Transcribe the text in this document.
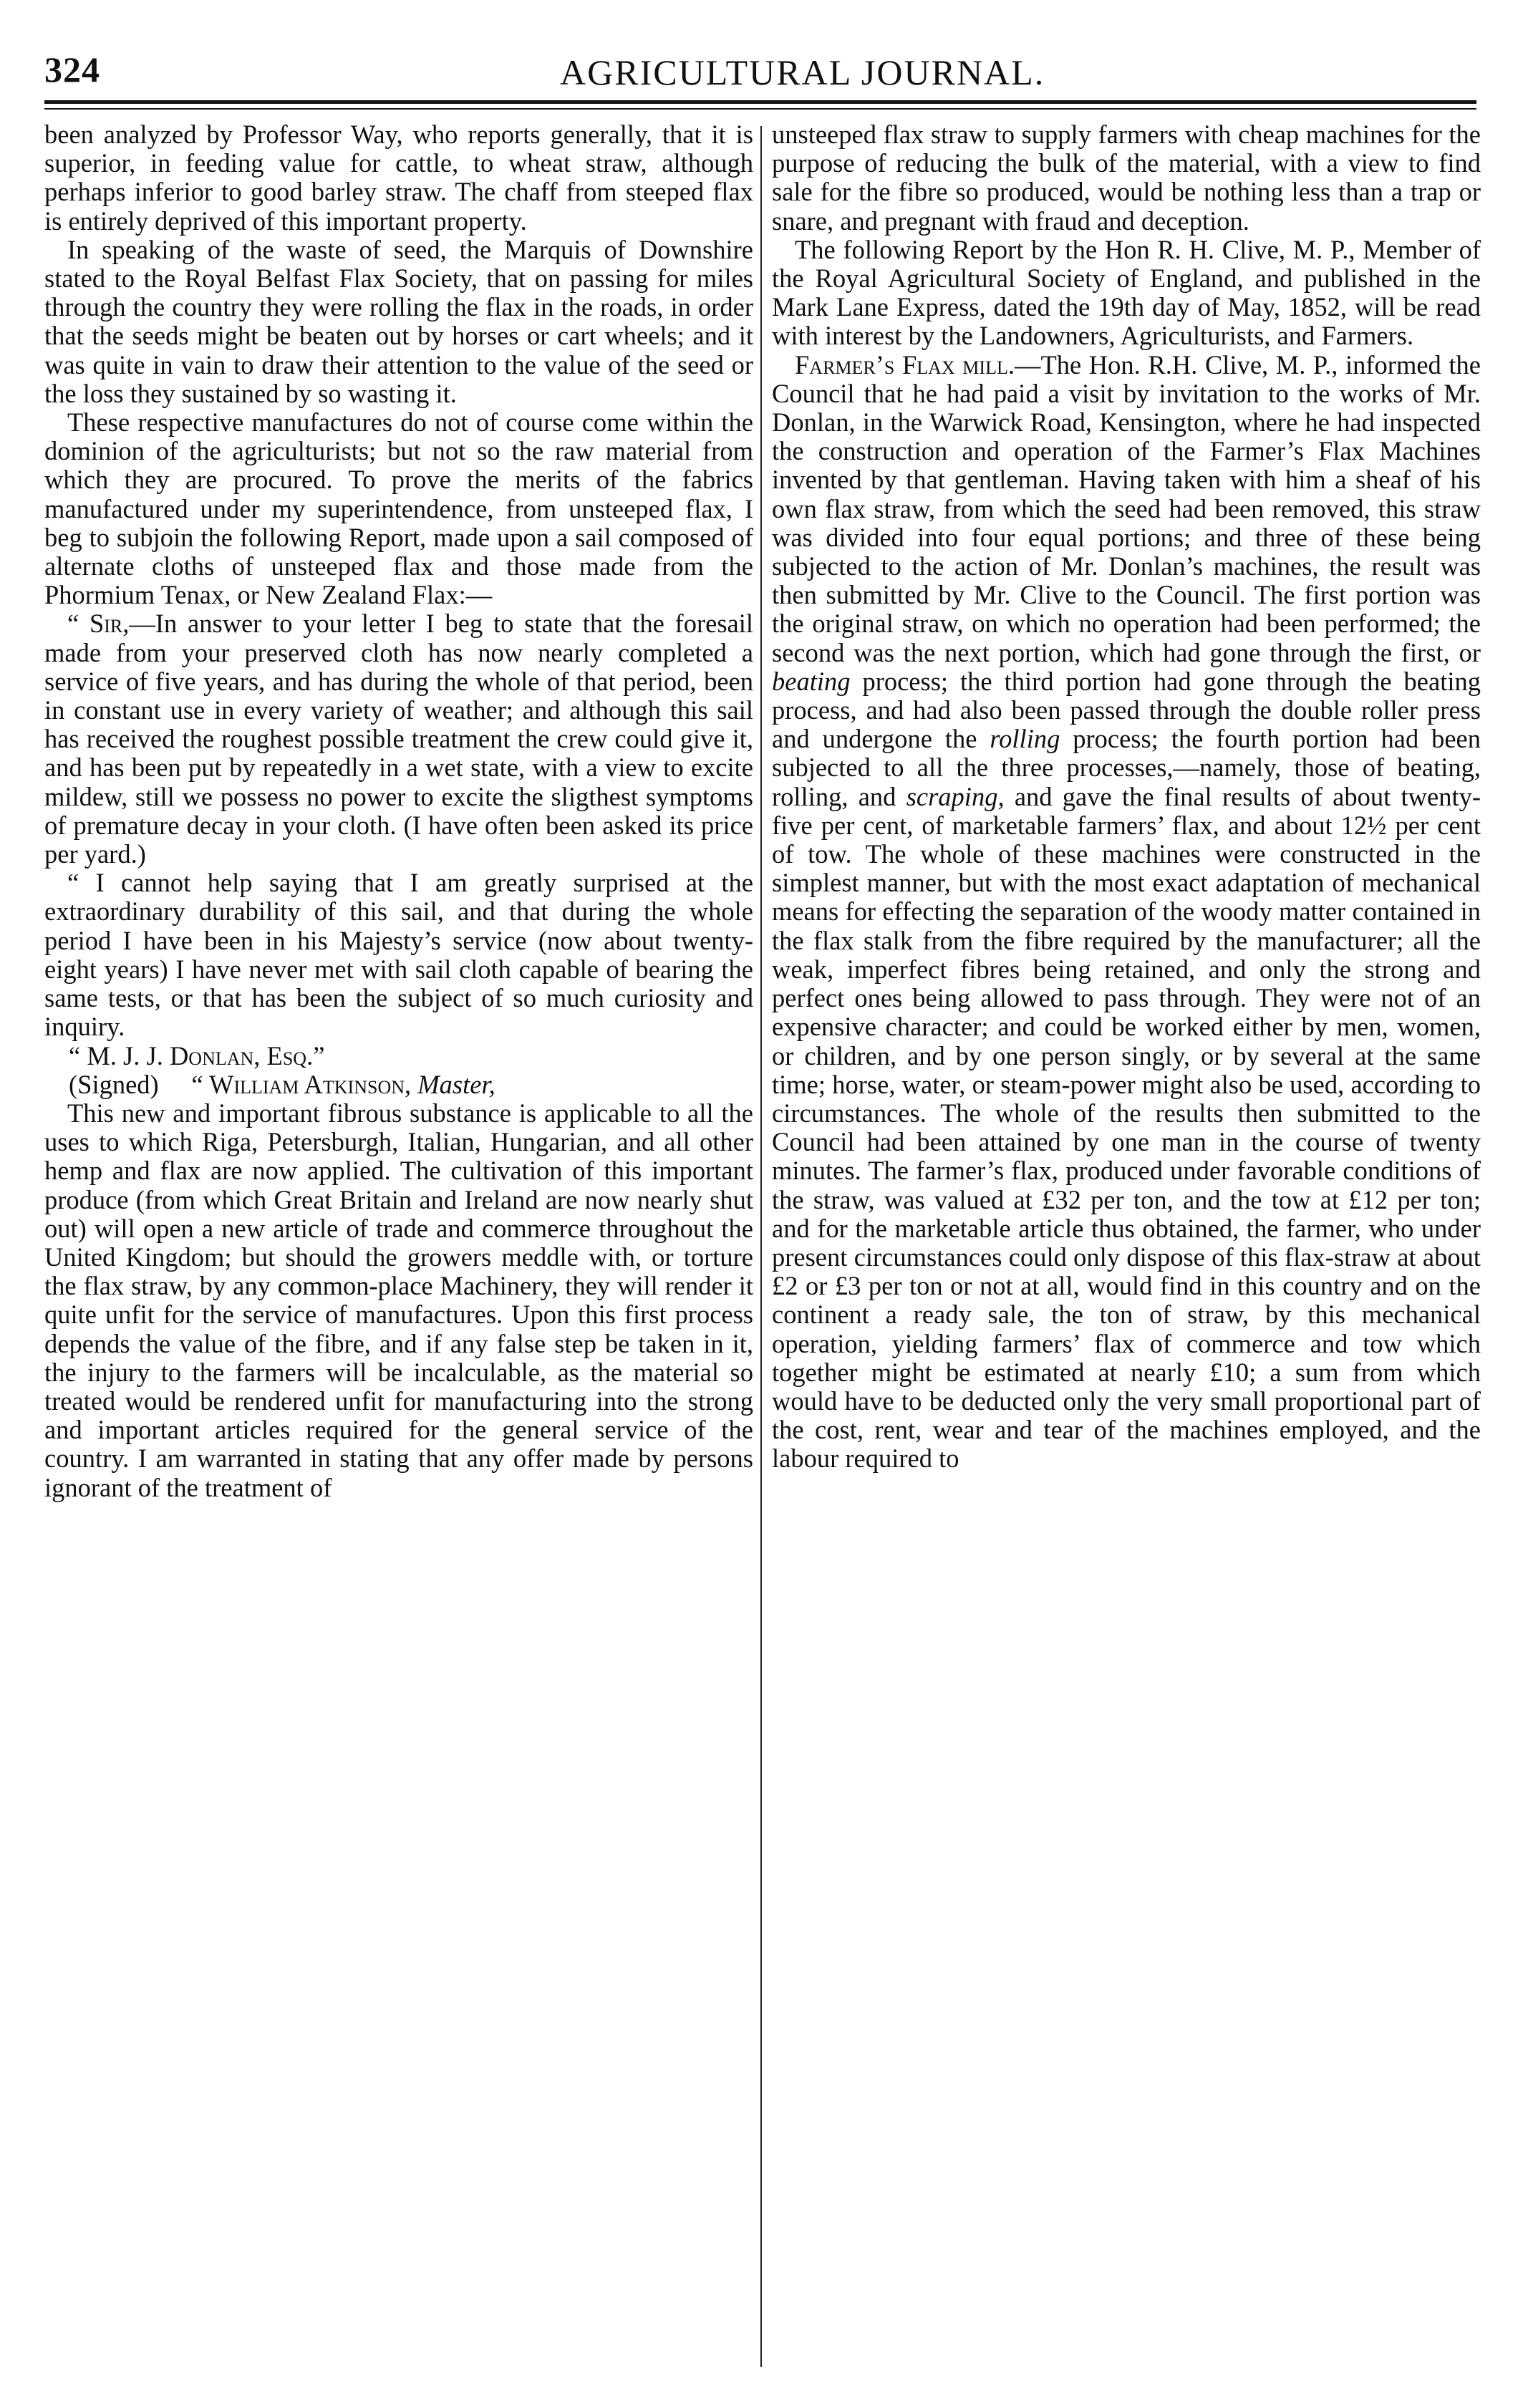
324	AGRICULTURAL JOURNAL.

been analyzed by Professor Way, who reports generally, that it is superior, in feeding value for cattle, to wheat straw, although perhaps inferior to good barley straw. The chaff from steeped flax is entirely deprived of this important property.

In speaking of the waste of seed, the Marquis of Downshire stated to the Royal Belfast Flax Society, that on passing for miles through the country they were rolling the flax in the roads, in order that the seeds might be beaten out by horses or cart wheels; and it was quite in vain to draw their attention to the value of the seed or the loss they sustained by so wasting it.

These respective manufactures do not of course come within the dominion of the agriculturists; but not so the raw material from which they are procured. To prove the merits of the fabrics manufactured under my superintendence, from unsteeped flax, I beg to subjoin the following Report, made upon a sail composed of alternate cloths of unsteeped flax and those made from the Phormium Tenax, or New Zealand Flax:—

“ Sir,—In answer to your letter I beg to state that the foresail made from your preserved cloth has now nearly completed a service of five years, and has during the whole of that period, been in constant use in every variety of weather; and although this sail has received the roughest possible treatment the crew could give it, and has been put by repeatedly in a wet state, with a view to excite mildew, still we possess no power to excite the sligthest symptoms of premature decay in your cloth. (I have often been asked its price per yard.)

“ I cannot help saying that I am greatly surprised at the extraordinary durability of this sail, and that during the whole period I have been in his Majesty’s service (now about twenty-eight years) I have never met with sail cloth capable of bearing the same tests, or that has been the subject of so much curiosity and inquiry.

“ M. J. J. Donlan, Esq.”

(Signed) “ William Atkinson, Master,

This new and important fibrous substance is applicable to all the uses to which Riga, Petersburgh, Italian, Hungarian, and all other hemp and flax are now applied. The cultivation of this important produce (from which Great Britain and Ireland are now nearly shut out) will open a new article of trade and commerce throughout the United Kingdom; but should the growers meddle with, or torture the flax straw, by any common-place Machinery, they will render it quite unfit for the service of manufactures. Upon this first process depends the value of the fibre, and if any false step be taken in it, the injury to the farmers will be incalculable, as the material so treated would be rendered unfit for manufacturing into the strong and important articles required for the general service of the country. I am warranted in stating that any offer made by persons ignorant of the treatment of

unsteeped flax straw to supply farmers with cheap machines for the purpose of reducing the bulk of the material, with a view to find sale for the fibre so produced, would be nothing less than a trap or snare, and pregnant with fraud and deception.

The following Report by the Hon R. H. Clive, M. P., Member of the Royal Agricultural Society of England, and published in the Mark Lane Express, dated the 19th day of May, 1852, will be read with interest by the Landowners, Agriculturists, and Farmers.

Farmer’s Flax mill.—The Hon. R.H. Clive, M. P., informed the Council that he had paid a visit by invitation to the works of Mr. Donlan, in the Warwick Road, Kensington, where he had inspected the construction and operation of the Farmer’s Flax Machines invented by that gentleman. Having taken with him a sheaf of his own flax straw, from which the seed had been removed, this straw was divided into four equal portions; and three of these being subjected to the action of Mr. Donlan’s machines, the result was then submitted by Mr. Clive to the Council. The first portion was the original straw, on which no operation had been performed; the second was the next portion, which had gone through the first, or beating process; the third portion had gone through the beating process, and had also been passed through the double roller press and undergone the rolling process; the fourth portion had been subjected to all the three processes,—namely, those of beating, rolling, and scraping, and gave the final results of about twenty-five per cent, of marketable farmers’ flax, and about 12½ per cent of tow. The whole of these machines were constructed in the simplest manner, but with the most exact adaptation of mechanical means for effecting the separation of the woody matter contained in the flax stalk from the fibre required by the manufacturer; all the weak, imperfect fibres being retained, and only the strong and perfect ones being allowed to pass through. They were not of an expensive character; and could be worked either by men, women, or children, and by one person singly, or by several at the same time; horse, water, or steam-power might also be used, according to circumstances. The whole of the results then submitted to the Council had been attained by one man in the course of twenty minutes. The farmer’s flax, produced under favorable conditions of the straw, was valued at £32 per ton, and the tow at £12 per ton; and for the marketable article thus obtained, the farmer, who under present circumstances could only dispose of this flax-straw at about £2 or £3 per ton or not at all, would find in this country and on the continent a ready sale, the ton of straw, by this mechanical operation, yielding farmers’ flax of commerce and tow which together might be estimated at nearly £10; a sum from which would have to be deducted only the very small proportional part of the cost, rent, wear and tear of the machines employed, and the labour required to
